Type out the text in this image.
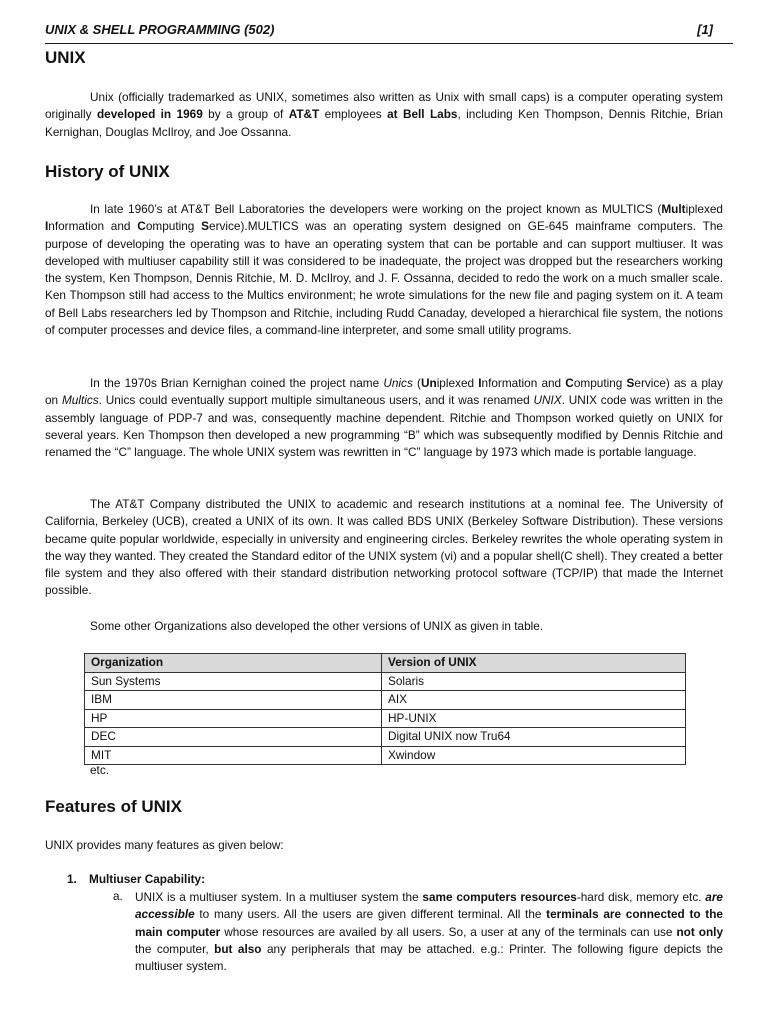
UNIX & SHELL PROGRAMMING (502)	[1]
UNIX

Unix (officially trademarked as UNIX, sometimes also written as Unix with small caps) is a computer operating system originally developed in 1969 by a group of AT&T employees at Bell Labs, including Ken Thompson, Dennis Ritchie, Brian Kernighan, Douglas McIlroy, and Joe Ossanna.

History of UNIX

In late 1960’s at AT&T Bell Laboratories the developers were working on the project known as MULTICS (Multiplexed Information and Computing Service).MULTICS was an operating system designed on GE-645 mainframe computers. The purpose of developing the operating was to have an operating system that can be portable and can support multiuser. It was developed with multiuser capability still it was considered to be inadequate, the project was dropped but the researchers working the system, Ken Thompson, Dennis Ritchie, M. D. McIlroy, and J. F. Ossanna, decided to redo the work on a much smaller scale. Ken Thompson still had access to the Multics environment; he wrote simulations for the new file and paging system on it. A team of Bell Labs researchers led by Thompson and Ritchie, including Rudd Canaday, developed a hierarchical file system, the notions of computer processes and device files, a command-line interpreter, and some small utility programs.

In the 1970s Brian Kernighan coined the project name Unics (Uniplexed Information and Computing Service) as a play on Multics. Unics could eventually support multiple simultaneous users, and it was renamed UNIX. UNIX code was written in the assembly language of PDP-7 and was, consequently machine dependent. Ritchie and Thompson worked quietly on UNIX for several years. Ken Thompson then developed a new programming “B” which was subsequently modified by Dennis Ritchie and renamed the “C” language. The whole UNIX system was rewritten in “C” language by 1973 which made is portable language.

The AT&T Company distributed the UNIX to academic and research institutions at a nominal fee. The University of California, Berkeley (UCB), created a UNIX of its own. It was called BDS UNIX (Berkeley Software Distribution). These versions became quite popular worldwide, especially in university and engineering circles. Berkeley rewrites the whole operating system in the way they wanted. They created the Standard editor of the UNIX system (vi) and a popular shell(C shell). They created a better file system and they also offered with their standard distribution networking protocol software (TCP/IP) that made the Internet possible.

Some other Organizations also developed the other versions of UNIX as given in table.

Organization	Version of UNIX
Sun Systems	Solaris
IBM	AIX
HP	HP-UNIX
DEC	Digital UNIX now Tru64
MIT	Xwindow
etc.
Features of UNIX
UNIX provides many features as given below:
1. Multiuser Capability:
a. UNIX is a multiuser system. In a multiuser system the same computers resources-hard disk, memory etc. are accessible to many users. All the users are given different terminal. All the terminals are connected to the main computer whose resources are availed by all users. So, a user at any of the terminals can use not only the computer, but also any peripherals that may be attached. e.g.: Printer. The following figure depicts the multiuser system.
